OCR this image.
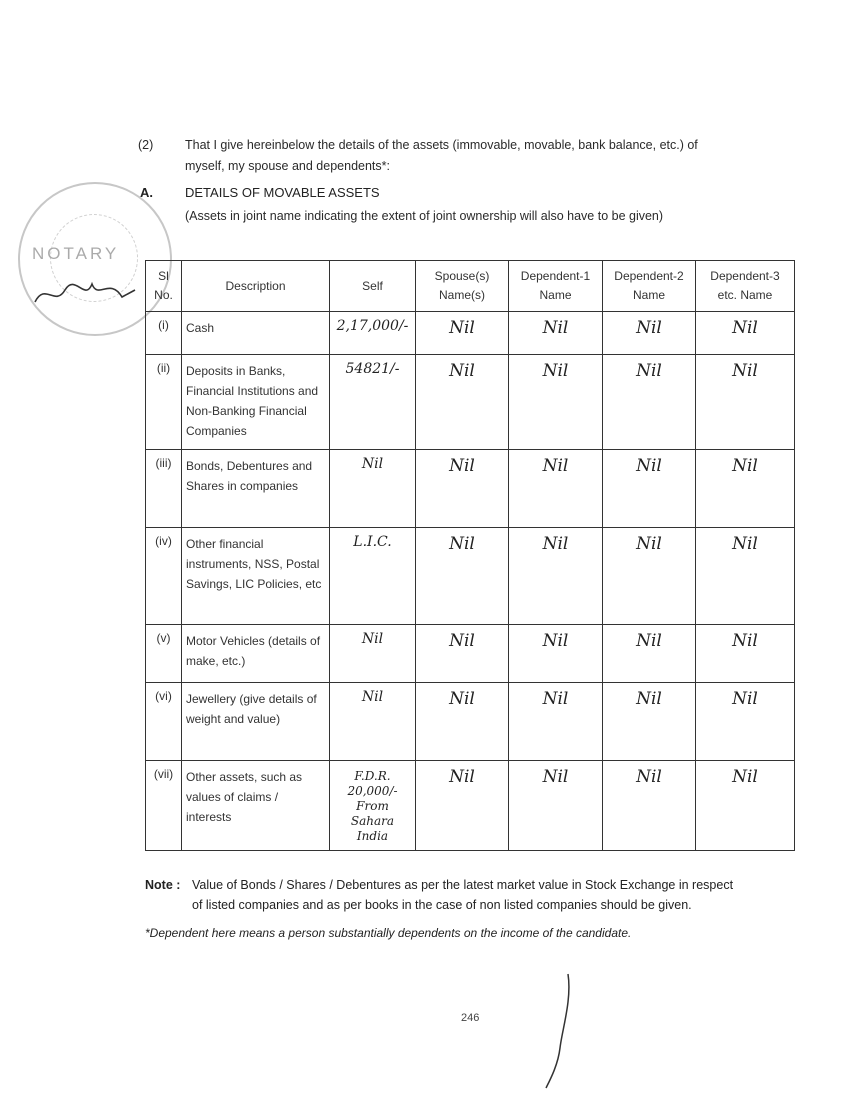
NOTARY
(2)	That I give hereinbelow the details of the assets (immovable, movable, bank balance, etc.) of
myself, my spouse and dependents*:
A. DETAILS OF MOVABLE ASSETS
(Assets in joint name indicating the extent of joint ownership will also have to be given)
Sl No.	Description	Self	Spouse(s) Name(s)	Dependent-1 Name	Dependent-2 Name	Dependent-3 etc. Name
(i)	Cash	2,17,000/-	Nil	Nil	Nil	Nil
(ii)	Deposits in Banks, Financial Institutions and Non-Banking Financial Companies	54821/-	Nil	Nil	Nil	Nil
(iii)	Bonds, Debentures and Shares in companies	Nil	Nil	Nil	Nil	Nil
(iv)	Other financial instruments, NSS, Postal Savings, LIC Policies, etc	L.I.C.	Nil	Nil	Nil	Nil
(v)	Motor Vehicles (details of make, etc.)	Nil	Nil	Nil	Nil	Nil
(vi)	Jewellery (give details of weight and value)	Nil	Nil	Nil	Nil	Nil
(vii)	Other assets, such as values of claims / interests	F.D.R. 20,000/- From Sahara India	Nil	Nil	Nil	Nil
Note : Value of Bonds / Shares / Debentures as per the latest market value in Stock Exchange in respect
of listed companies and as per books in the case of non listed companies should be given.
*Dependent here means a person substantially dependents on the income of the candidate.
246
